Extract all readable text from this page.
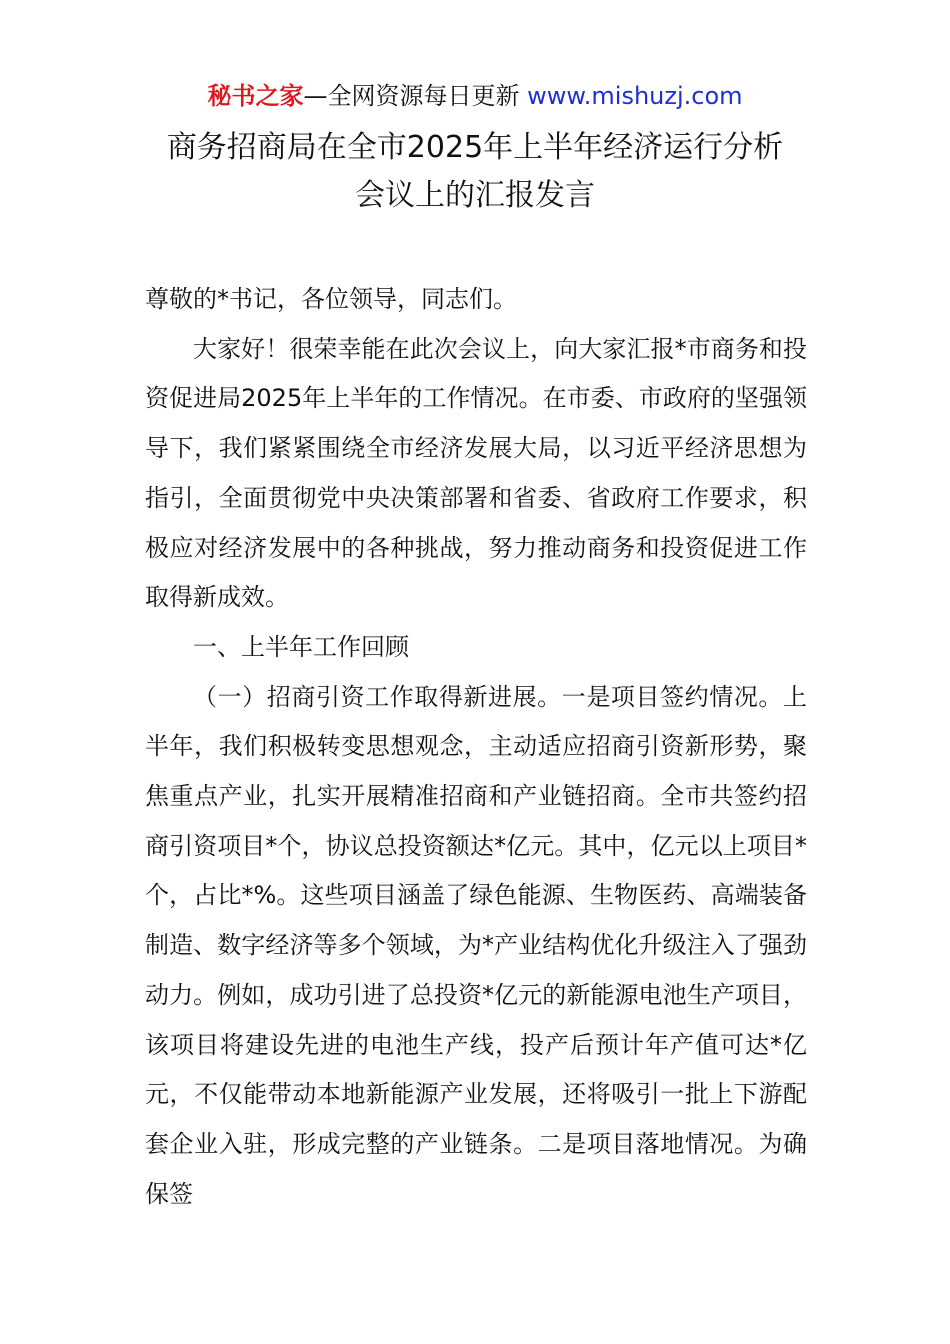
秘书之家—全网资源每日更新 www.mishuzj.com
商务招商局在全市2025年上半年经济运行分析
会议上的汇报发言

尊敬的*书记，各位领导，同志们。

大家好！很荣幸能在此次会议上，向大家汇报*市商务和投资促进局2025年上半年的工作情况。在市委、市政府的坚强领导下，我们紧紧围绕全市经济发展大局，以习近平经济思想为指引，全面贯彻党中央决策部署和省委、省政府工作要求，积极应对经济发展中的各种挑战，努力推动商务和投资促进工作取得新成效。

一、上半年工作回顾

（一）招商引资工作取得新进展。一是项目签约情况。上半年，我们积极转变思想观念，主动适应招商引资新形势，聚焦重点产业，扎实开展精准招商和产业链招商。全市共签约招商引资项目*个，协议总投资额达*亿元。其中，亿元以上项目*个，占比*%。这些项目涵盖了绿色能源、生物医药、高端装备制造、数字经济等多个领域，为*产业结构优化升级注入了强劲动力。例如，成功引进了总投资*亿元的新能源电池生产项目，该项目将建设先进的电池生产线，投产后预计年产值可达*亿元，不仅能带动本地新能源产业发展，还将吸引一批上下游配套企业入驻，形成完整的产业链条。二是项目落地情况。为确保签
